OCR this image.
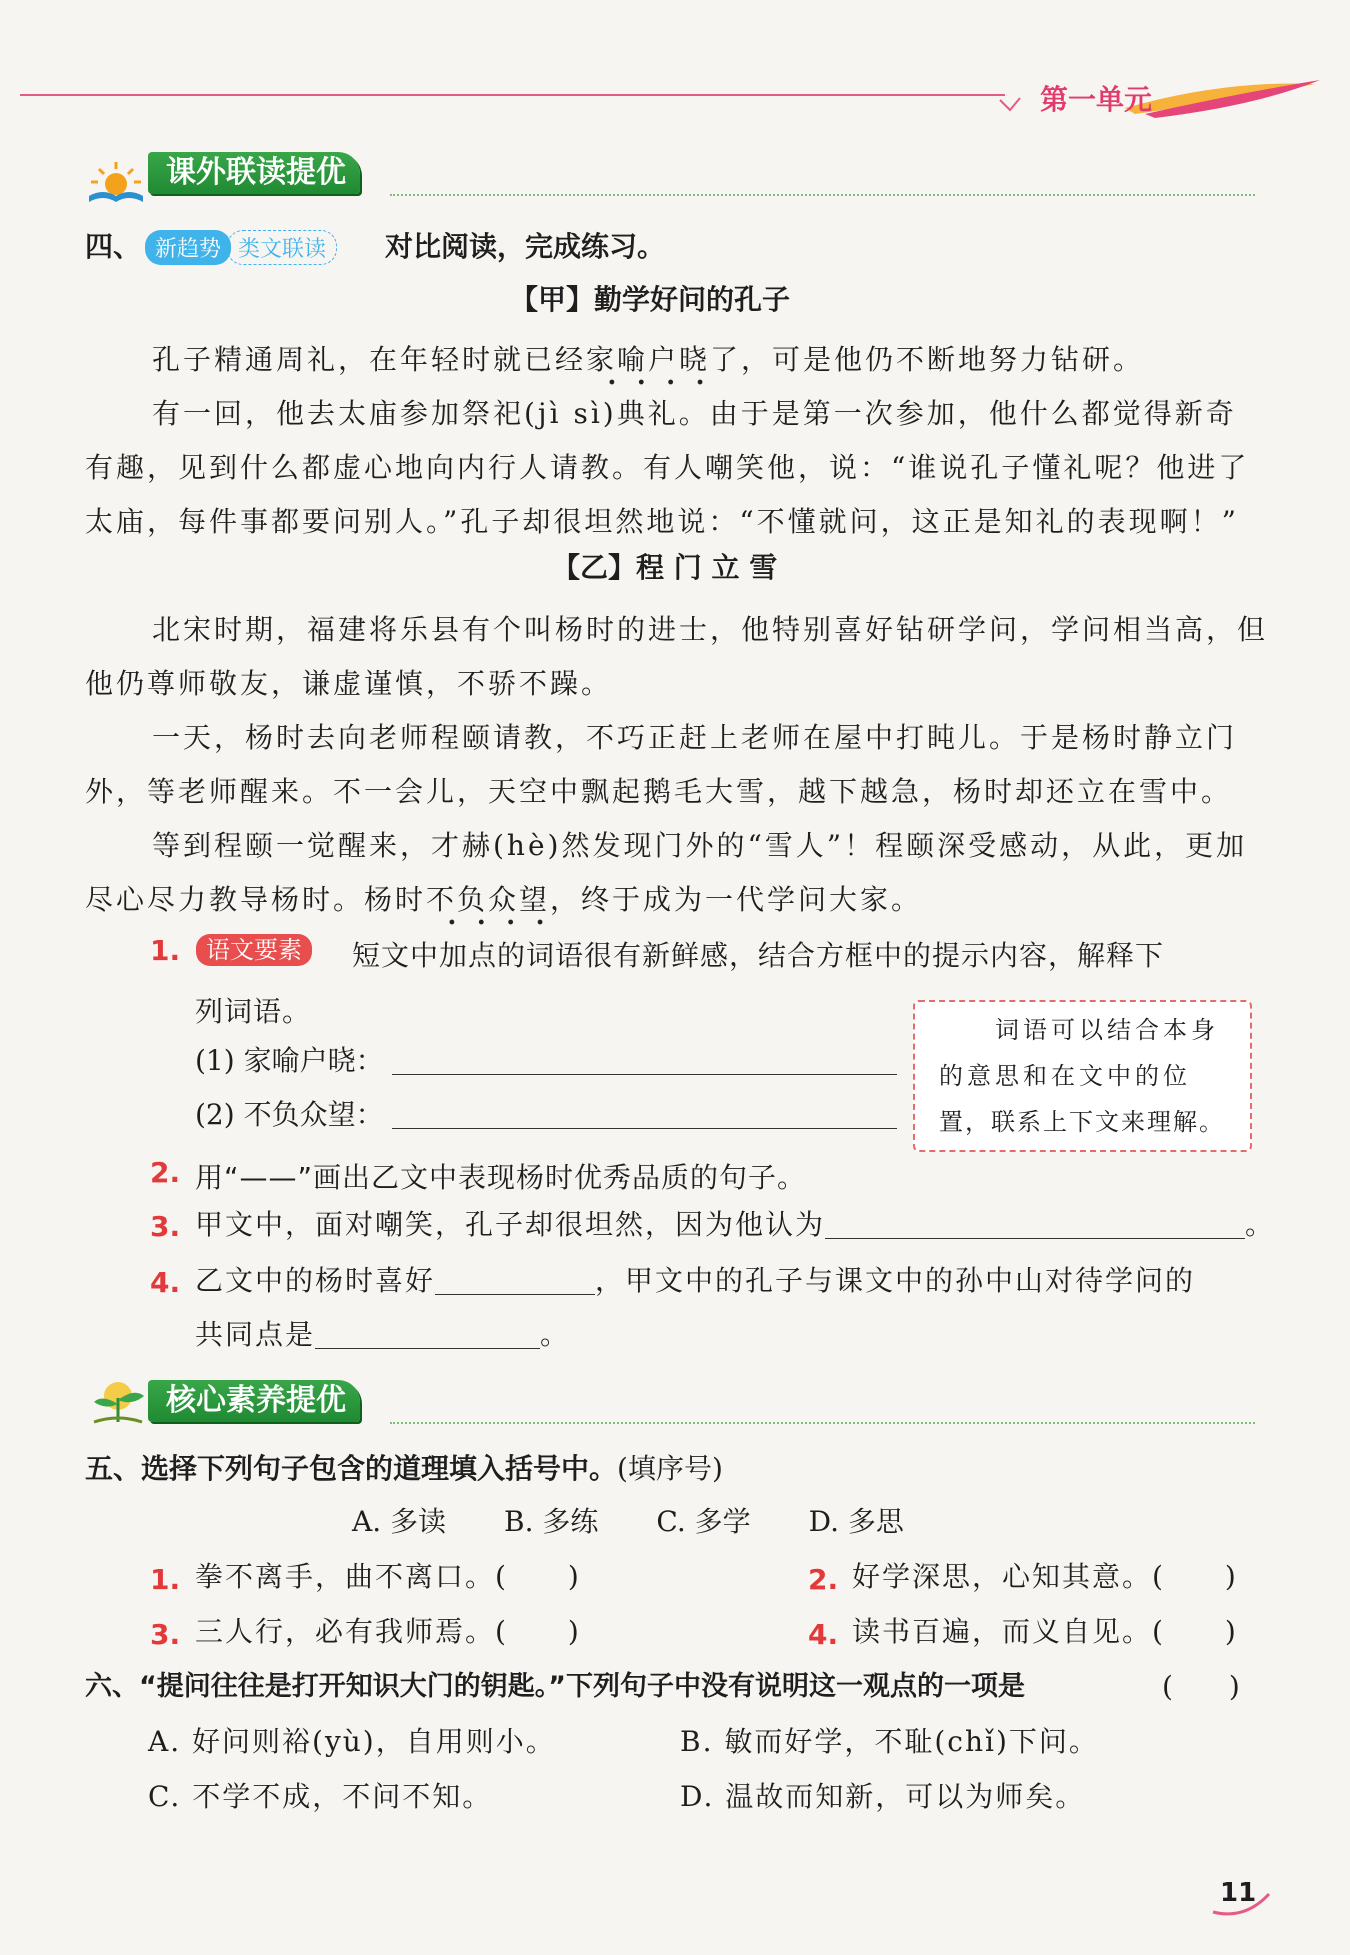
第一单元
课外联读提优
四、 新趋势 类文联读	对比阅读，完成练习。
【甲】勤学好问的孔子
孔子精通周礼，在年轻时就已经家喻户晓了，可是他仍不断地努力钻研。
有一回，他去太庙参加祭祀(jì sì)典礼。由于是第一次参加，他什么都觉得新奇
有趣，见到什么都虚心地向内行人请教。有人嘲笑他，说：“谁说孔子懂礼呢？他进了
太庙，每件事都要问别人。”孔子却很坦然地说：“不懂就问，这正是知礼的表现啊！”
【乙】程 门 立 雪
北宋时期，福建将乐县有个叫杨时的进士，他特别喜好钻研学问，学问相当高，但
他仍尊师敬友，谦虚谨慎，不骄不躁。
一天，杨时去向老师程颐请教，不巧正赶上老师在屋中打盹儿。于是杨时静立门
外，等老师醒来。不一会儿，天空中飘起鹅毛大雪，越下越急，杨时却还立在雪中。
等到程颐一觉醒来，才赫(hè)然发现门外的“雪人”！程颐深受感动，从此，更加
尽心尽力教导杨时。杨时不负众望，终于成为一代学问大家。
1.	语文要素	短文中加点的词语很有新鲜感，结合方框中的提示内容，解释下
列词语。
(1) 家喻户晓：
(2) 不负众望：
词语可以结合本身
的意思和在文中的位
置，联系上下文来理解。
2. 用“——”画出乙文中表现杨时优秀品质的句子。
3. 甲文中，面对嘲笑，孔子却很坦然，因为他认为	。
4. 乙文中的杨时喜好	，甲文中的孔子与课文中的孙中山对待学问的
共同点是	。
核心素养提优
五、选择下列句子包含的道理填入括号中。(填序号)
A. 多读 B. 多练 C. 多学 D. 多思
1. 拳不离手，曲不离口。(　　)	2. 好学深思，心知其意。(　　)
3. 三人行，必有我师焉。(　　)	4. 读书百遍，而义自见。(　　)
六、“提问往往是打开知识大门的钥匙。”下列句子中没有说明这一观点的一项是	(　　)
A. 好问则裕(yù)，自用则小。	B. 敏而好学，不耻(chǐ)下问。
C. 不学不成，不问不知。	D. 温故而知新，可以为师矣。
11
